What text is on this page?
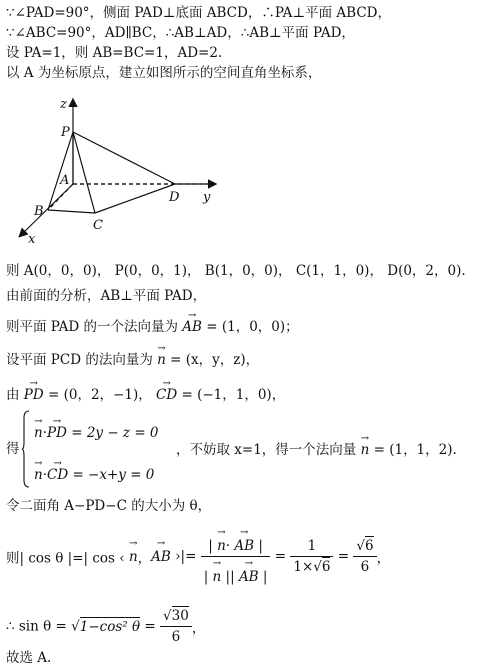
∵∠PAD=90°，侧面 PAD⊥底面 ABCD，∴PA⊥平面 ABCD，
∵∠ABC=90°，AD∥BC，∴AB⊥AD，∴AB⊥平面 PAD，
设 PA=1，则 AB=BC=1，AD=2.
以 A 为坐标原点，建立如图所示的空间直角坐标系，
z
P
A
B
C
D y
x
则 A(0，0，0)， P(0，0，1)， B(1，0，0)， C(1，1，0)， D(0，2，0).
由前面的分析，AB⊥平面 PAD，
则平面 PAD 的一个法向量为 → AB = (1，0，0)；
设平面 PCD 的法向量为 → n = (x，y，z)，
由 → PD = (0，2，−1)， → CD = (−1，1，0)，
得
→ n·→ PD = 2y − z = 0
→ n·→ CD = −x+y = 0
，不妨取 x=1，得一个法向量 → n = (1，1，2).
令二面角 A−PD−C 的大小为 θ，
则| cos θ |=| cos ‹ → n，→ AB ›|= $\frac{| \to n\cdot \to AB |}{| \to n || \to AB |} = \frac{1}{1\times√6} = \frac{√6}{6}$ ，
∴ sin θ = √1−cos² $\theta = \frac{√30}{6}$ ，
故选 A.
